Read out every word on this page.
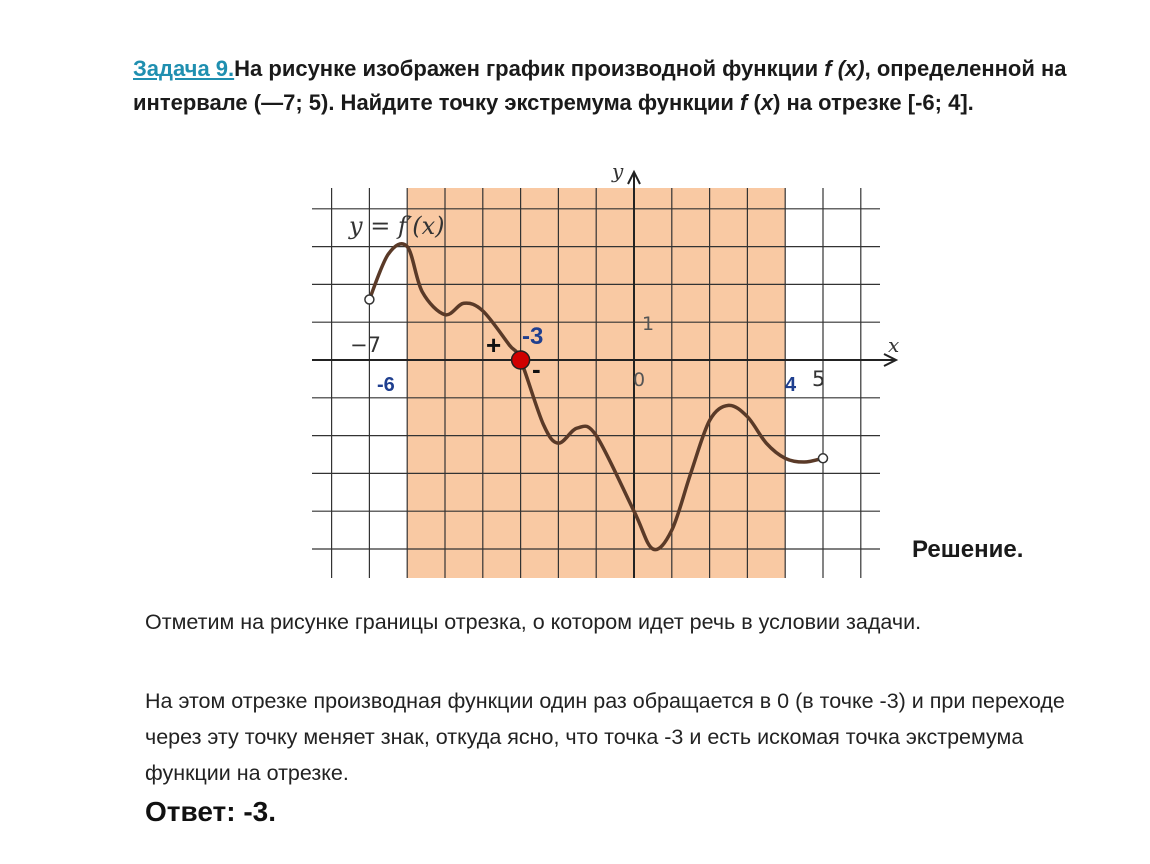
Задача 9.На рисунке изображен график производной функции f (x), определенной на интервале (—7; 5). Найдите точку экстремума функции f (x) на отрезке [-6; 4].
y = f′(x)
y
x
−7
0	5
1
-6	4
-3
+
-
Решение.
Отметим на рисунке границы отрезка, о котором идет речь в условии задачи.
На этом отрезке производная функции один раз обращается в 0 (в точке -3) и при переходе через эту точку меняет знак, откуда ясно, что точка -3 и есть искомая точка экстремума функции на отрезке.
Ответ: -3.
